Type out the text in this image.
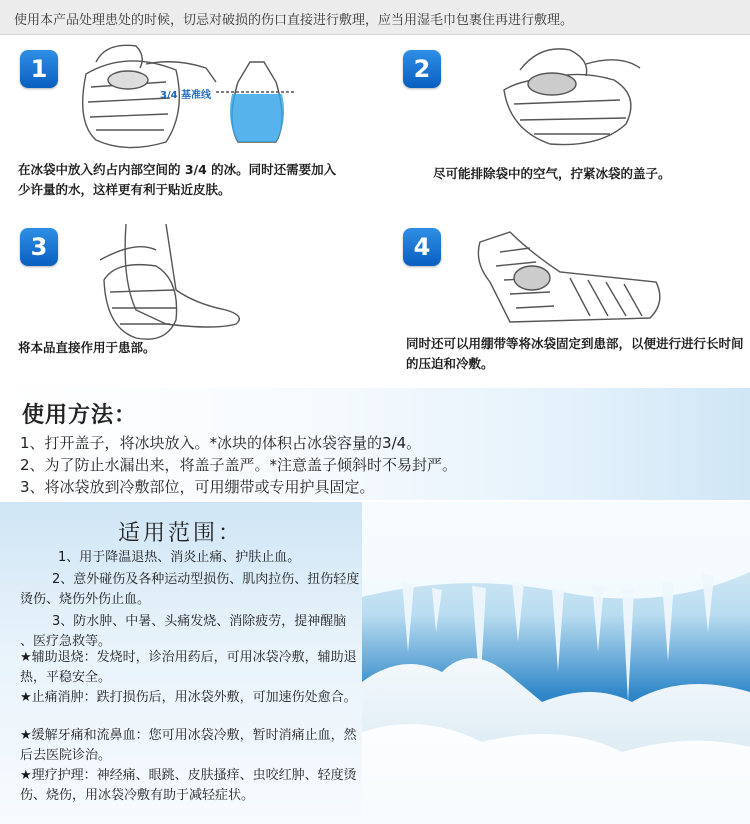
使用本产品处理患处的时候，切忌对破损的伤口直接进行敷理，应当用湿毛巾包裹住再进行敷理。
1
3/4 基准线
在冰袋中放入约占内部空间的 3/4 的冰。同时还需要加入少许量的水，这样更有利于贴近皮肤。
2
尽可能排除袋中的空气，拧紧冰袋的盖子。
3
将本品直接作用于患部。
4
同时还可以用绷带等将冰袋固定到患部，以便进行进行长时间的压迫和冷敷。
使用方法：
1、打开盖子，将冰块放入。*冰块的体积占冰袋容量的3/4。
2、为了防止水漏出来，将盖子盖严。*注意盖子倾斜时不易封严。
3、将冰袋放到冷敷部位，可用绷带或专用护具固定。
适用范围：
1、用于降温退热、消炎止痛、护肤止血。
2、意外碰伤及各种运动型损伤、肌肉拉伤、扭伤轻度烫伤、烧伤外伤止血。
3、防水肿、中暑、头痛发烧、消除疲劳，提神醒脑 、医疗急救等。
★辅助退烧：发烧时，诊治用药后，可用冰袋冷敷，辅助退热，平稳安全。
★止痛消肿：跌打损伤后，用冰袋外敷，可加速伤处愈合。
★缓解牙痛和流鼻血：您可用冰袋冷敷，暂时消痛止血，然后去医院诊治。
★理疗护理：神经痛、眼跳、皮肤搔痒、虫咬红肿、轻度烫伤、烧伤，用冰袋冷敷有助于减轻症状。
